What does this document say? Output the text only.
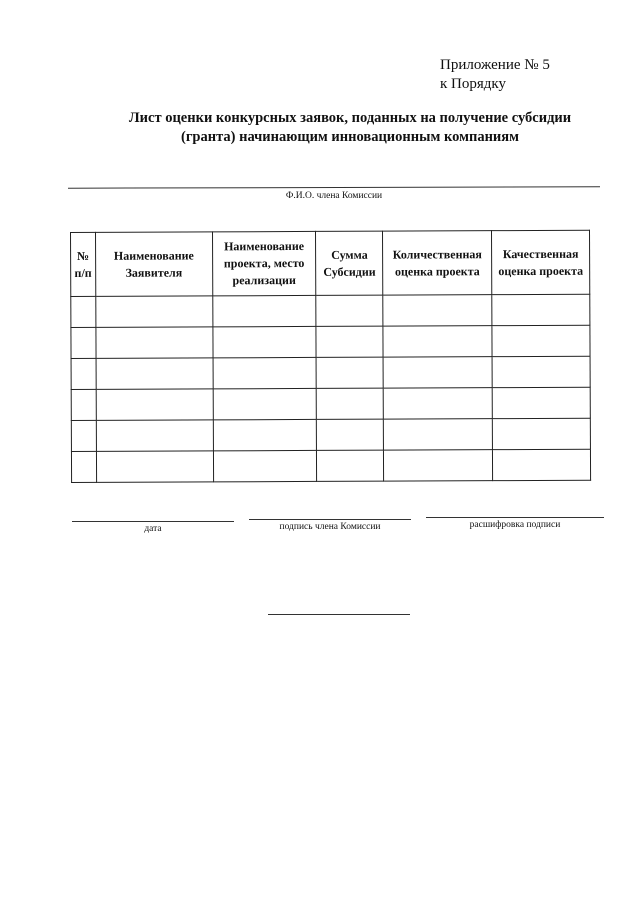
Приложение № 5
к Порядку
Лист оценки конкурсных заявок, поданных на получение субсидии
(гранта) начинающим инновационным компаниям
Ф.И.О. члена Комиссии
№ п/п	Наименование Заявителя	Наименование проекта, место реализации	Сумма Субсидии	Количественная оценка проекта	Качественная оценка проекта

дата	подпись члена Комиссии	расшифровка подписи
